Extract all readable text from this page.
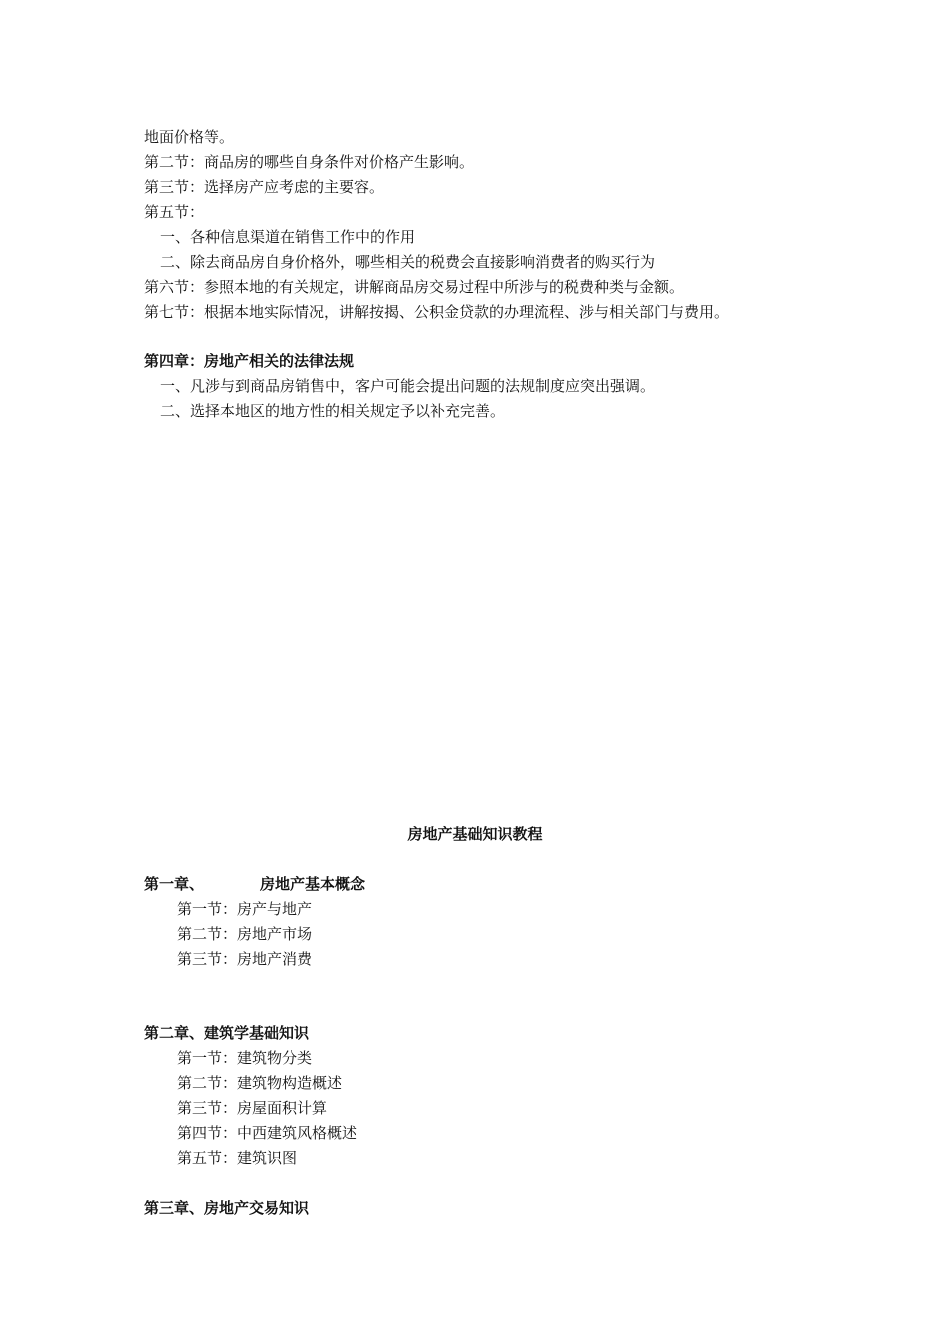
地面价格等。
第二节：商品房的哪些自身条件对价格产生影响。
第三节：选择房产应考虑的主要容。
第五节：
一、各种信息渠道在销售工作中的作用
二、除去商品房自身价格外，哪些相关的税费会直接影响消费者的购买行为
第六节：参照本地的有关规定，讲解商品房交易过程中所涉与的税费种类与金额。
第七节：根据本地实际情况，讲解按揭、公积金贷款的办理流程、涉与相关部门与费用。
第四章：房地产相关的法律法规
一、凡涉与到商品房销售中，客户可能会提出问题的法规制度应突出强调。
二、选择本地区的地方性的相关规定予以补充完善。
房地产基础知识教程
第一章、	房地产基本概念
第一节：房产与地产
第二节：房地产市场
第三节：房地产消费
第二章、建筑学基础知识
第一节：建筑物分类
第二节：建筑物构造概述
第三节：房屋面积计算
第四节：中西建筑风格概述
第五节：建筑识图
第三章、房地产交易知识
